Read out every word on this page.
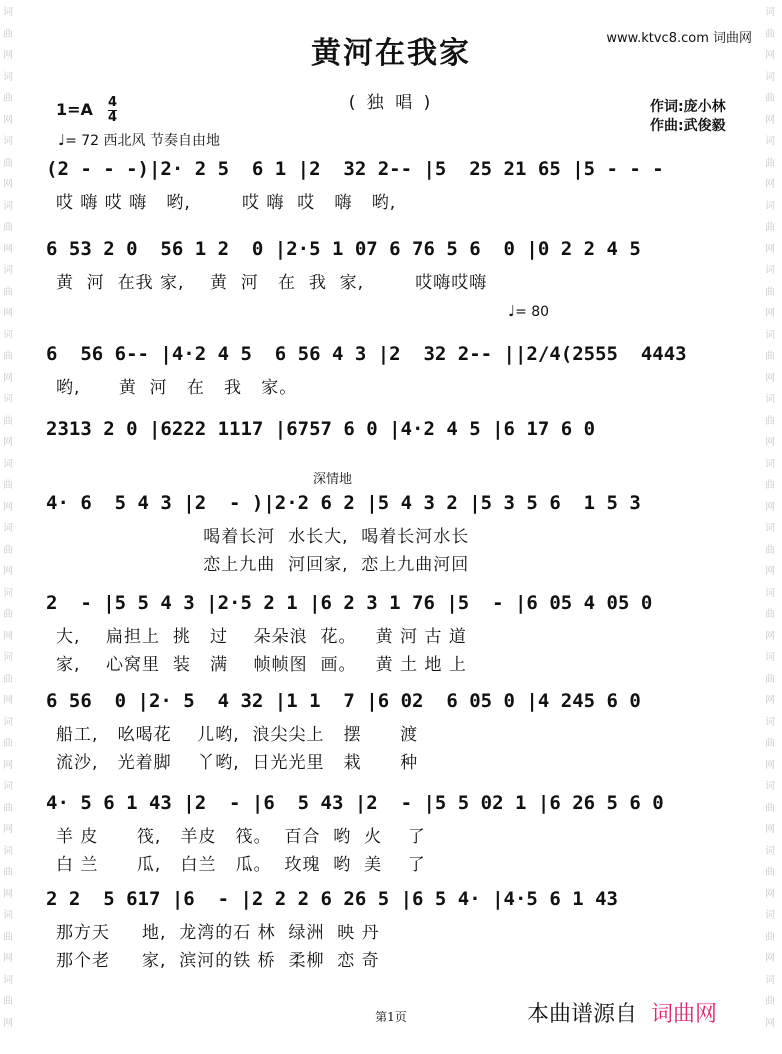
词
曲
网
词
曲
网
词
曲
网
词
曲
网
词
曲
网
词
曲
网
词
曲
网
词
曲
网
词
曲
网
词
曲
网
词
曲
网
词
曲
网
词
曲
网
词
曲
网
词
曲
网
词
曲
网
词
曲
网
词
曲
网
词
曲
网
词
曲
网
词
曲
网
词
曲
网
词
曲
网
词
曲
网
词
曲
网
词
曲
网
词
曲
网
词
曲
网
词
曲
网
词
曲
网
词
曲
网
词
曲
网
www.ktvc8.com 词曲网
黄河在我家
( 独 唱 )	作词:庞小林
作曲:武俊毅
1=A 4
4
♩= 72 西北风 节奏自由地
(2 - - -)|2· 2 5  6 1 |2  32 2-- |5  25 21 65 |5 - - -
哎 嗨 哎 嗨   哟,        哎 嗨  哎   嗨   哟,
6 53 2 0  56 1 2  0 |2·5 1 07 6 76 5 6  0 |0 2 2 4 5
黄  河  在我 家,    黄  河   在  我  家,        哎嗨哎嗨
6  56 6-- |4·2 4 5  6 56 4 3 |2  32 2-- ||2/4(2555  4443
哟,      黄  河   在   我   家。
2313 2 0 |6222 1117 |6757 6 0 |4·2 4 5 |6 17 6 0
4· 6  5 4 3 |2  - )|2·2 6 2 |5 4 3 2 |5 3 5 6  1 5 3
喝着长河  水长大,  喝着长河水长
恋上九曲  河回家,  恋上九曲河回
2  - |5 5 4 3 |2·5 2 1 |6 2 3 1 76 |5  - |6 05 4 05 0
大,    扁担上  挑   过    朵朵浪  花。   黄 河 古 道
家,    心窝里  装   满    帧帧图  画。   黄 土 地 上
6 56  0 |2· 5  4 32 |1 1  7 |6 02  6 05 0 |4 245 6 0
船工,   吆喝花    儿哟,  浪尖尖上   摆      渡
流沙,   光着脚    丫哟,  日光光里   栽      种
4· 5 6 1 43 |2  - |6  5 43 |2  - |5 5 02 1 |6 26 5 6 0
羊 皮      筏,   羊皮   筏。  百合  哟  火    了
白 兰      瓜,   白兰   瓜。  玫瑰  哟  美    了
2 2  5 617 |6  - |2 2 2 6 26 5 |6 5 4· |4·5 6 1 43
那方天     地,  龙湾的石 林  绿洲  映 丹
那个老     家,  滨河的铁 桥  柔柳  恋 奇
深情地
♩= 80
第1页	本曲谱源自 词曲网
